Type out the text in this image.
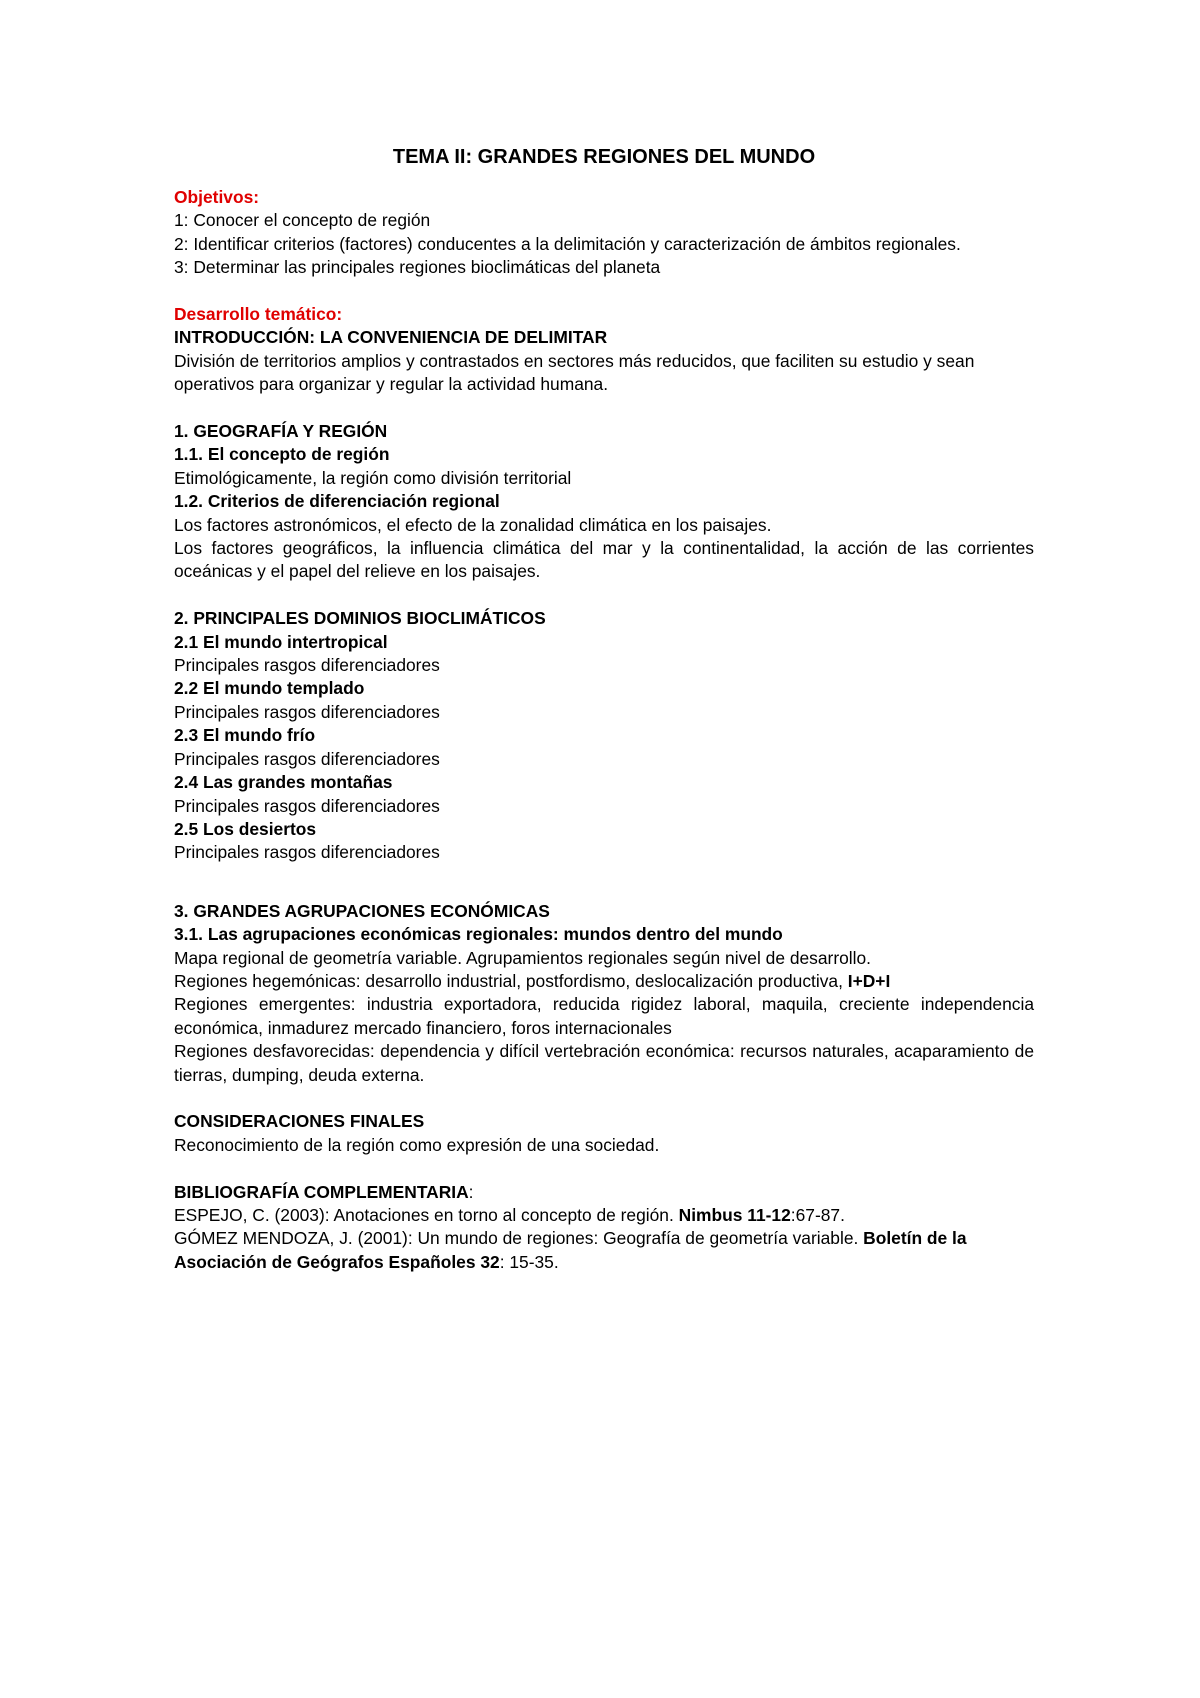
TEMA II: GRANDES REGIONES DEL MUNDO
Objetivos:
1: Conocer el concepto de región

2: Identificar criterios (factores) conducentes a la delimitación y caracterización de ámbitos regionales.

3: Determinar las principales regiones bioclimáticas del planeta
Desarrollo temático:
INTRODUCCIÓN: LA CONVENIENCIA DE DELIMITAR

División de territorios amplios y contrastados en sectores más reducidos, que faciliten su estudio y sean operativos para organizar y regular la actividad humana.

1. GEOGRAFÍA Y REGIÓN
1.1. El concepto de región
Etimológicamente, la región como división territorial
1.2. Criterios de diferenciación regional
Los factores astronómicos, el efecto de la zonalidad climática en los paisajes.

Los factores geográficos, la influencia climática del mar y la continentalidad, la acción de las corrientes oceánicas y el papel del relieve en los paisajes.

2. PRINCIPALES DOMINIOS BIOCLIMÁTICOS
2.1 El mundo intertropical
Principales rasgos diferenciadores
2.2 El mundo templado
Principales rasgos diferenciadores
2.3 El mundo frío
Principales rasgos diferenciadores
2.4 Las grandes montañas
Principales rasgos diferenciadores
2.5 Los desiertos
Principales rasgos diferenciadores
3. GRANDES AGRUPACIONES ECONÓMICAS
3.1. Las agrupaciones económicas regionales: mundos dentro del mundo
Mapa regional de geometría variable. Agrupamientos regionales según nivel de desarrollo.
Regiones hegemónicas: desarrollo industrial, postfordismo, deslocalización productiva, I+D+I

Regiones emergentes: industria exportadora, reducida rigidez laboral, maquila, creciente independencia económica, inmadurez mercado financiero, foros internacionales

Regiones desfavorecidas: dependencia y difícil vertebración económica: recursos naturales, acaparamiento de tierras, dumping, deuda externa.

CONSIDERACIONES FINALES
Reconocimiento de la región como expresión de una sociedad.
BIBLIOGRAFÍA COMPLEMENTARIA:
ESPEJO, C. (2003): Anotaciones en torno al concepto de región. Nimbus 11-12:67-87.

GÓMEZ MENDOZA, J. (2001): Un mundo de regiones: Geografía de geometría variable. Boletín de la Asociación de Geógrafos Españoles 32: 15-35.
